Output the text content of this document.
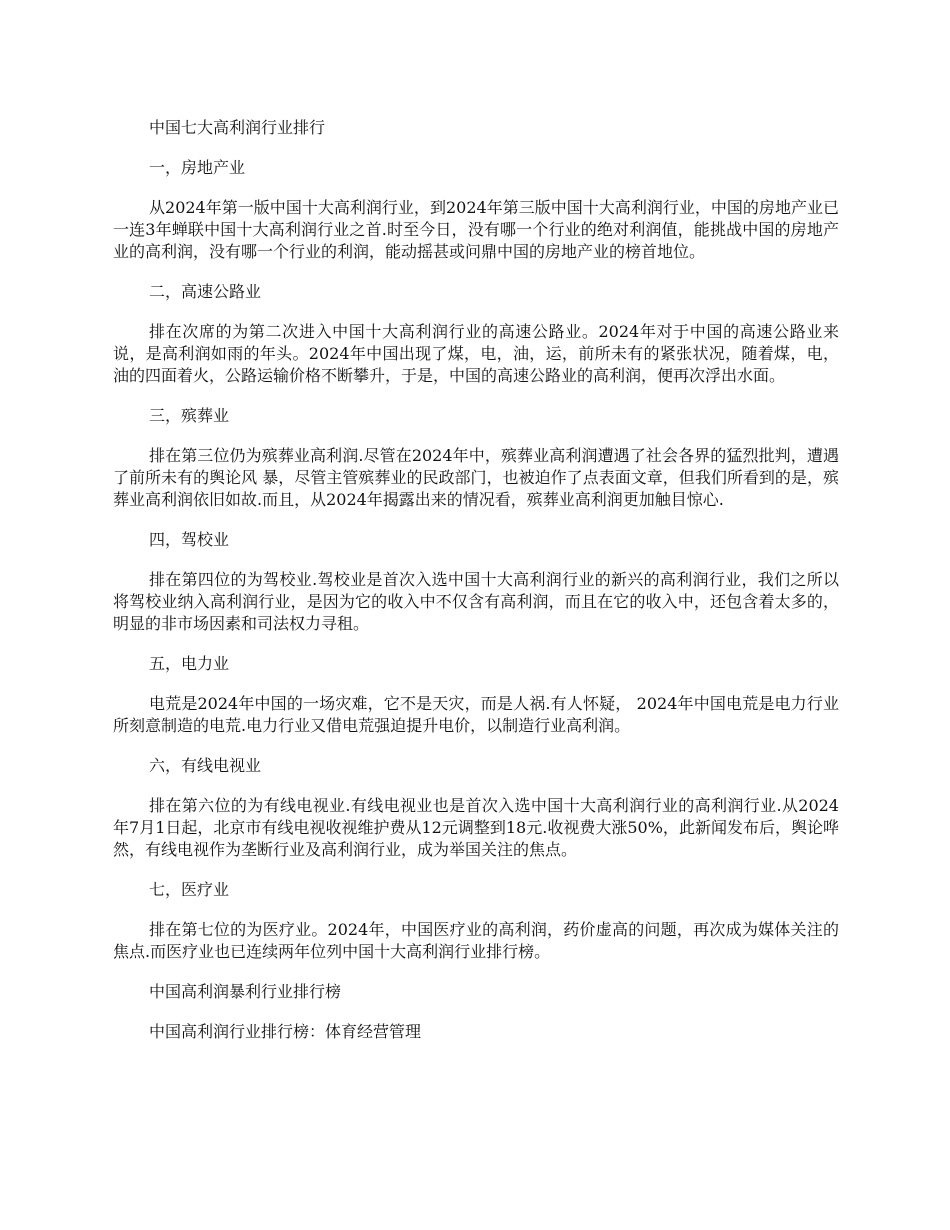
中国七大高利润行业排行

一，房地产业

从2024年第一版中国十大高利润行业，到2024年第三版中国十大高利润行业，中国的房地产业已一连3年蝉联中国十大高利润行业之首.时至今日，没有哪一个行业的绝对利润值，能挑战中国的房地产业的高利润，没有哪一个行业的利润，能动摇甚或问鼎中国的房地产业的榜首地位。

二，高速公路业

排在次席的为第二次进入中国十大高利润行业的高速公路业。2024年对于中国的高速公路业来说，是高利润如雨的年头。2024年中国出现了煤，电，油，运，前所未有的紧张状况，随着煤，电，油的四面着火，公路运输价格不断攀升，于是，中国的高速公路业的高利润，便再次浮出水面。

三，殡葬业

排在第三位仍为殡葬业高利润.尽管在2024年中，殡葬业高利润遭遇了社会各界的猛烈批判，遭遇了前所未有的舆论风 暴，尽管主管殡葬业的民政部门，也被迫作了点表面文章，但我们所看到的是，殡葬业高利润依旧如故.而且，从2024年揭露出来的情况看，殡葬业高利润更加触目惊心.

四，驾校业

排在第四位的为驾校业.驾校业是首次入选中国十大高利润行业的新兴的高利润行业，我们之所以将驾校业纳入高利润行业，是因为它的收入中不仅含有高利润，而且在它的收入中，还包含着太多的，明显的非市场因素和司法权力寻租。

五，电力业

电荒是2024年中国的一场灾难，它不是天灾，而是人祸.有人怀疑， 2024年中国电荒是电力行业所刻意制造的电荒.电力行业又借电荒强迫提升电价，以制造行业高利润。

六，有线电视业

排在第六位的为有线电视业.有线电视业也是首次入选中国十大高利润行业的高利润行业.从2024年7月1日起，北京市有线电视收视维护费从12元调整到18元.收视费大涨50%，此新闻发布后，舆论哗然，有线电视作为垄断行业及高利润行业，成为举国关注的焦点。

七，医疗业

排在第七位的为医疗业。2024年，中国医疗业的高利润，药价虚高的问题，再次成为媒体关注的焦点.而医疗业也已连续两年位列中国十大高利润行业排行榜。

中国高利润暴利行业排行榜

中国高利润行业排行榜：体育经营管理
